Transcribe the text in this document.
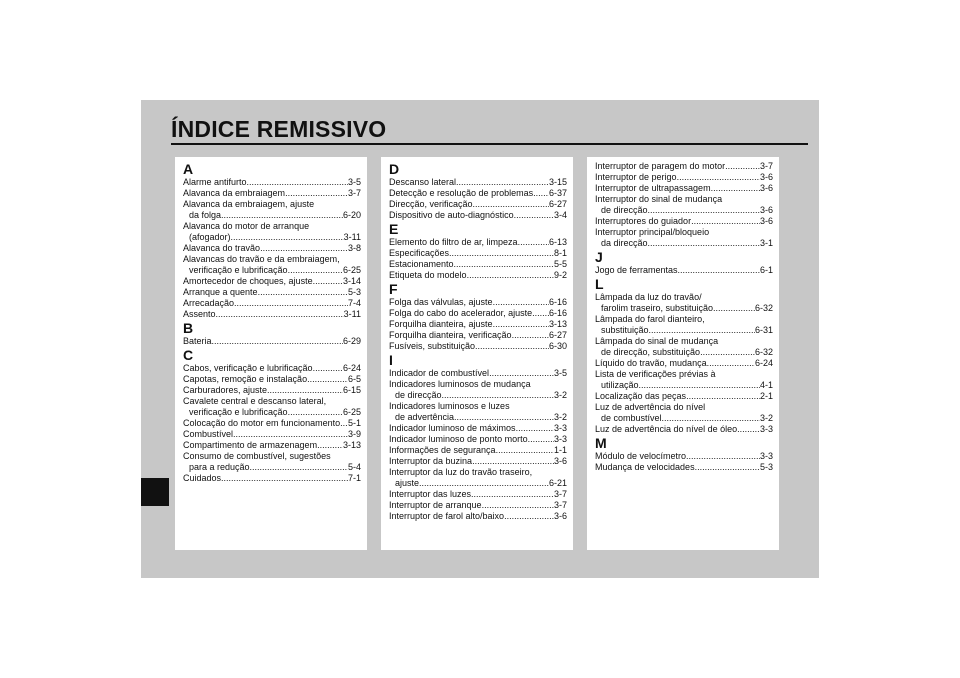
ÍNDICE REMISSIVO
A
Alarme antifurto .....	3-5
Alavanca da embraiagem .....	3-7
Alavanca da embraiagem, ajuste
da folga .....	6-20
Alavanca do motor de arranque
(afogador) .....	3-11
Alavanca do travão .....	3-8
Alavancas do travão e da embraiagem,
verificação e lubrificação .....	6-25
Amortecedor de choques, ajuste .....	3-14
Arranque a quente .....	5-3
Arrecadação .....	7-4
Assento .....	3-11
B
Bateria .....	6-29
C
Cabos, verificação e lubrificação .....	6-24
Capotas, remoção e instalação .....	6-5
Carburadores, ajuste .....	6-15
Cavalete central e descanso lateral,
verificação e lubrificação .....	6-25
Colocação do motor em funcionamento ..... 5-1
Combustível .....	3-9
Compartimento de armazenagem .....	3-13
Consumo de combustível, sugestões
para a redução .....	5-4
Cuidados .....	7-1
D
Descanso lateral .....	3-15
Detecção e resolução de problemas ..... 6-37
Direcção, verificação .....	6-27
Dispositivo de auto-diagnóstico .....	3-4
E
Elemento do filtro de ar, limpeza .....	6-13
Especificações .....	8-1
Estacionamento .....	5-5
Etiqueta do modelo .....	9-2
F
Folga das válvulas, ajuste .....	6-16
Folga do cabo do acelerador, ajuste ..... 6-16
Forquilha dianteira, ajuste .....	3-13
Forquilha dianteira, verificação .....	6-27
Fusíveis, substituição .....	6-30
I
Indicador de combustível .....	3-5
Indicadores luminosos de mudança
de direcção .....	3-2
Indicadores luminosos e luzes
de advertência .....	3-2
Indicador luminoso de máximos .....	3-3
Indicador luminoso de ponto morto .....	3-3
Informações de segurança .....	1-1
Interruptor da buzina .....	3-6
Interruptor da luz do travão traseiro,
ajuste .....	6-21
Interruptor das luzes .....	3-7
Interruptor de arranque .....	3-7
Interruptor de farol alto/baixo .....	3-6
Interruptor de paragem do motor .....	3-7
Interruptor de perigo .....	3-6
Interruptor de ultrapassagem .....	3-6
Interruptor do sinal de mudança
de direcção .....	3-6
Interruptores do guiador .....	3-6
Interruptor principal/bloqueio
da direcção .....	3-1
J
Jogo de ferramentas .....	6-1
L
Lâmpada da luz do travão/
farolim traseiro, substituição .....	6-32
Lâmpada do farol dianteiro,
substituição .....	6-31
Lâmpada do sinal de mudança
de direcção, substituição .....	6-32
Líquido do travão, mudança .....	6-24
Lista de verificações prévias à
utilização .....	4-1
Localização das peças .....	2-1
Luz de advertência do nível
de combustível .....	3-2
Luz de advertência do nível de óleo .....	3-3
M
Módulo de velocímetro .....	3-3
Mudança de velocidades .....	5-3
